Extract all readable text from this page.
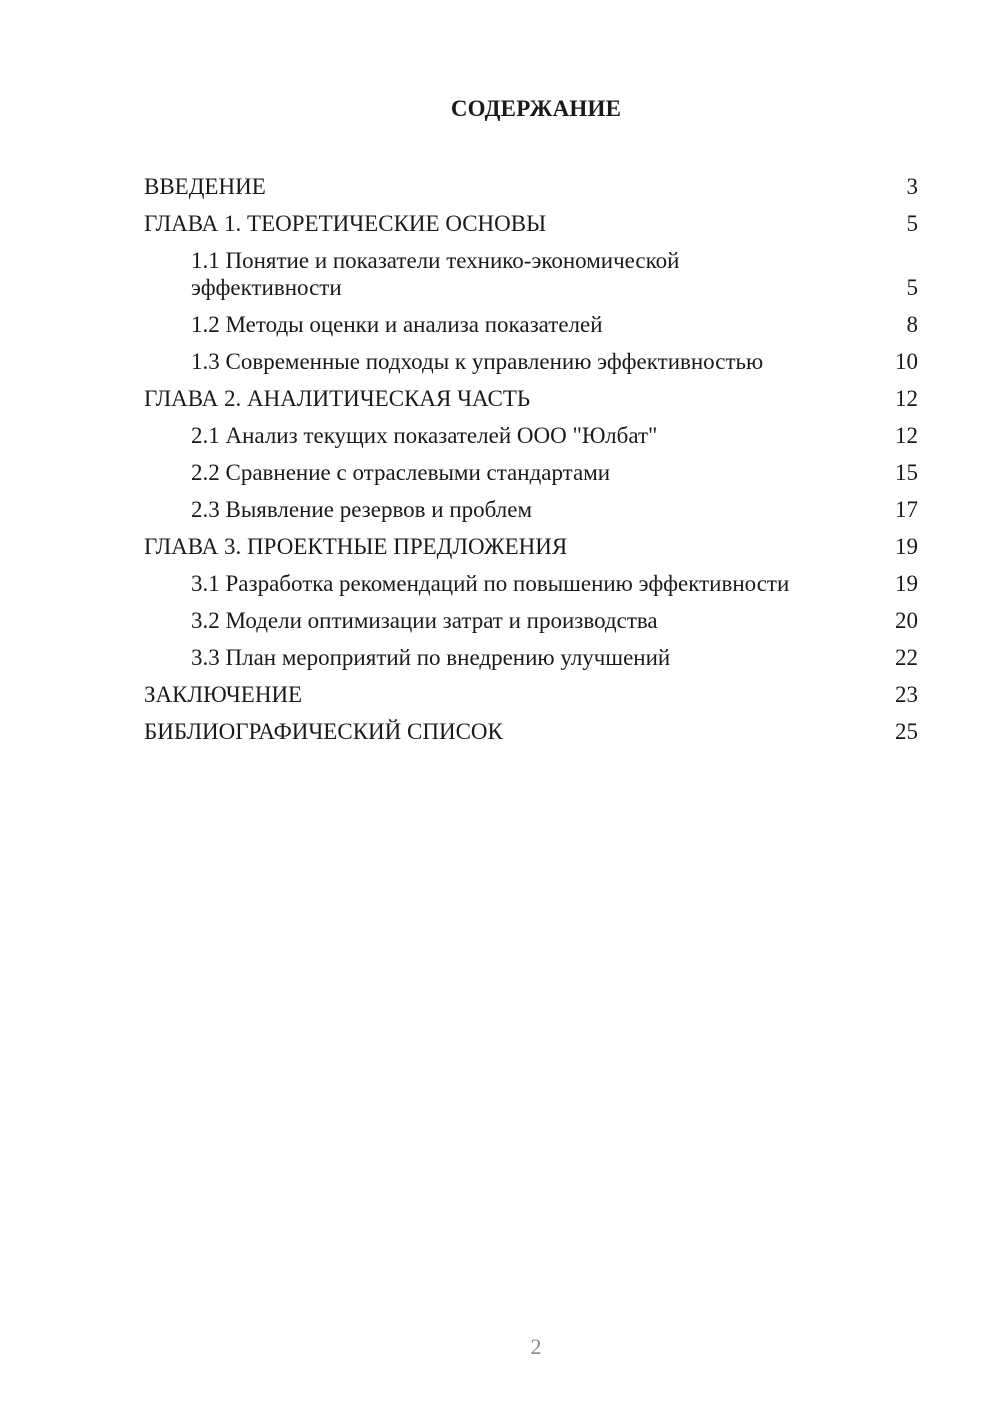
СОДЕРЖАНИЕ
ВВЕДЕНИЕ	3
ГЛАВА 1. ТЕОРЕТИЧЕСКИЕ ОСНОВЫ	5
1.1 Понятие и показатели технико-экономической эффективности	5
1.2 Методы оценки и анализа показателей	8
1.3 Современные подходы к управлению эффективностью	10
ГЛАВА 2. АНАЛИТИЧЕСКАЯ ЧАСТЬ	12
2.1 Анализ текущих показателей ООО "Юлбат"	12
2.2 Сравнение с отраслевыми стандартами	15
2.3 Выявление резервов и проблем	17
ГЛАВА 3. ПРОЕКТНЫЕ ПРЕДЛОЖЕНИЯ	19
3.1 Разработка рекомендаций по повышению эффективности	19
3.2 Модели оптимизации затрат и производства	20
3.3 План мероприятий по внедрению улучшений	22
ЗАКЛЮЧЕНИЕ	23
БИБЛИОГРАФИЧЕСКИЙ СПИСОК	25
2
